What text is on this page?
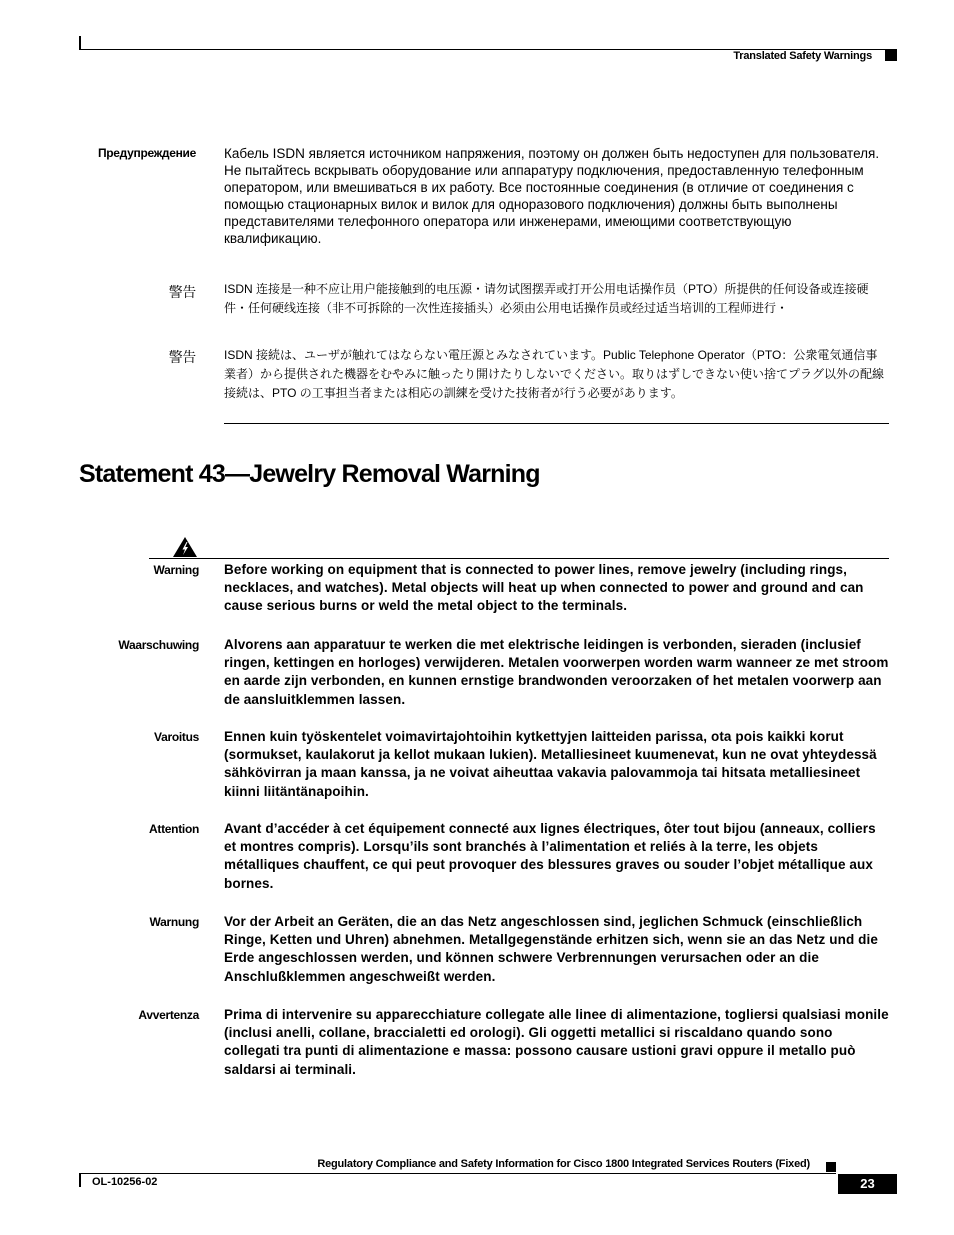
Translated Safety Warnings
Предупреждение Кабель ISDN является источником напряжения, поэтому он должен быть недоступен для пользователя. Не пытайтесь вскрывать оборудование или аппаратуру подключения, предоставленную телефонным оператором, или вмешиваться в их работу. Все постоянные соединения (в отличие от соединения с помощью стационарных вилок и вилок для одноразового подключения) должны быть выполнены представителями телефонного оператора или инженерами, имеющими соответствующую квалификацию.
警告 ISDN 连接是一种不应让用户能接触到的电压源・请勿试图摆弄或打开公用电话操作员（PTO）所提供的任何设备或连接硬件・任何硬线连接（非不可拆除的一次性连接插头）必须由公用电话操作员或经过适当培训的工程师进行・
警告 ISDN 接続は、ユーザが触れてはならない電圧源とみなされています。Public Telephone Operator（PTO：公衆電気通信事業者）から提供された機器をむやみに触ったり開けたりしないでください。取りはずしできない使い捨てプラグ以外の配線接続は、PTO の工事担当者または相応の訓練を受けた技術者が行う必要があります。
Statement 43—Jewelry Removal Warning
Warning Before working on equipment that is connected to power lines, remove jewelry (including rings, necklaces, and watches). Metal objects will heat up when connected to power and ground and can cause serious burns or weld the metal object to the terminals.
Waarschuwing Alvorens aan apparatuur te werken die met elektrische leidingen is verbonden, sieraden (inclusief ringen, kettingen en horloges) verwijderen. Metalen voorwerpen worden warm wanneer ze met stroom en aarde zijn verbonden, en kunnen ernstige brandwonden veroorzaken of het metalen voorwerp aan de aansluitklemmen lassen.
Varoitus Ennen kuin työskentelet voimavirtajohtoihin kytkettyjen laitteiden parissa, ota pois kaikki korut (sormukset, kaulakorut ja kellot mukaan lukien). Metalliesineet kuumenevat, kun ne ovat yhteydessä sähkövirran ja maan kanssa, ja ne voivat aiheuttaa vakavia palovammoja tai hitsata metalliesineet kiinni liitäntänapoihin.
Attention Avant d’accéder à cet équipement connecté aux lignes électriques, ôter tout bijou (anneaux, colliers et montres compris). Lorsqu’ils sont branchés à l’alimentation et reliés à la terre, les objets métalliques chauffent, ce qui peut provoquer des blessures graves ou souder l’objet métallique aux bornes.
Warnung Vor der Arbeit an Geräten, die an das Netz angeschlossen sind, jeglichen Schmuck (einschließlich Ringe, Ketten und Uhren) abnehmen. Metallgegenstände erhitzen sich, wenn sie an das Netz und die Erde angeschlossen werden, und können schwere Verbrennungen verursachen oder an die Anschlußklemmen angeschweißt werden.
Avvertenza Prima di intervenire su apparecchiature collegate alle linee di alimentazione, togliersi qualsiasi monile (inclusi anelli, collane, braccialetti ed orologi). Gli oggetti metallici si riscaldano quando sono collegati tra punti di alimentazione e massa: possono causare ustioni gravi oppure il metallo può saldarsi ai terminali.
Regulatory Compliance and Safety Information for Cisco 1800 Integrated Services Routers (Fixed)
OL-10256-02	23
